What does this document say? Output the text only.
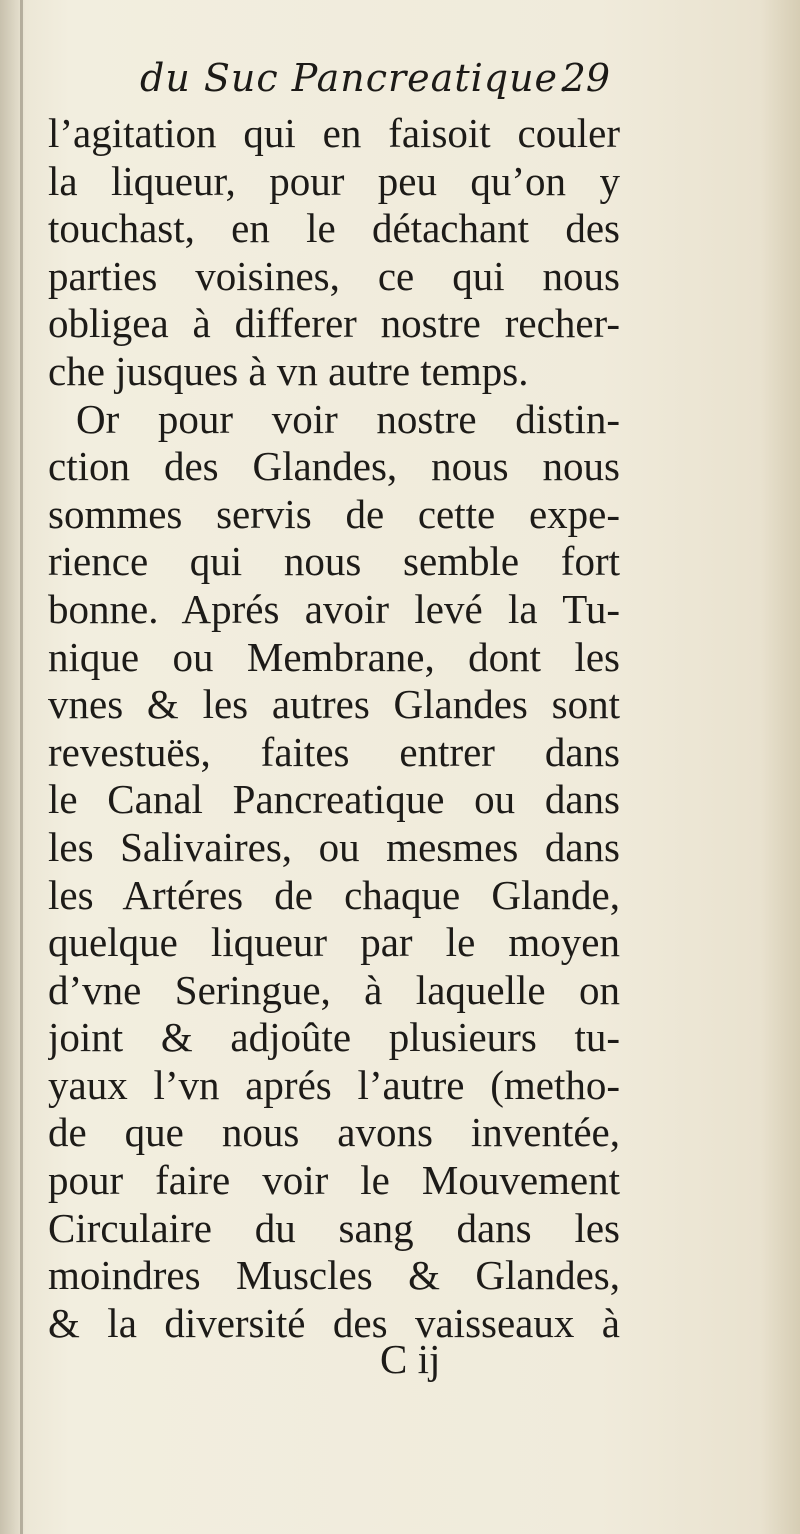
du Suc Pancreatique.
29
l’agitation qui en faisoit couler
la liqueur, pour peu qu’on y
touchast, en le détachant des
parties voisines, ce qui nous
obligea à differer nostre recher-
che jusques à vn autre temps.
Or pour voir nostre distin-
ction des Glandes, nous nous
sommes servis de cette expe-
rience qui nous semble fort
bonne. Aprés avoir levé la Tu-
nique ou Membrane, dont les
vnes & les autres Glandes sont
revestuës, faites entrer dans
le Canal Pancreatique ou dans
les Salivaires, ou mesmes dans
les Artéres de chaque Glande,
quelque liqueur par le moyen
d’vne Seringue, à laquelle on
joint & adjoûte plusieurs tu-
yaux l’vn aprés l’autre (metho-
de que nous avons inventée,
pour faire voir le Mouvement
Circulaire du sang dans les
moindres Muscles & Glandes,
& la diversité des vaisseaux à
C ij
